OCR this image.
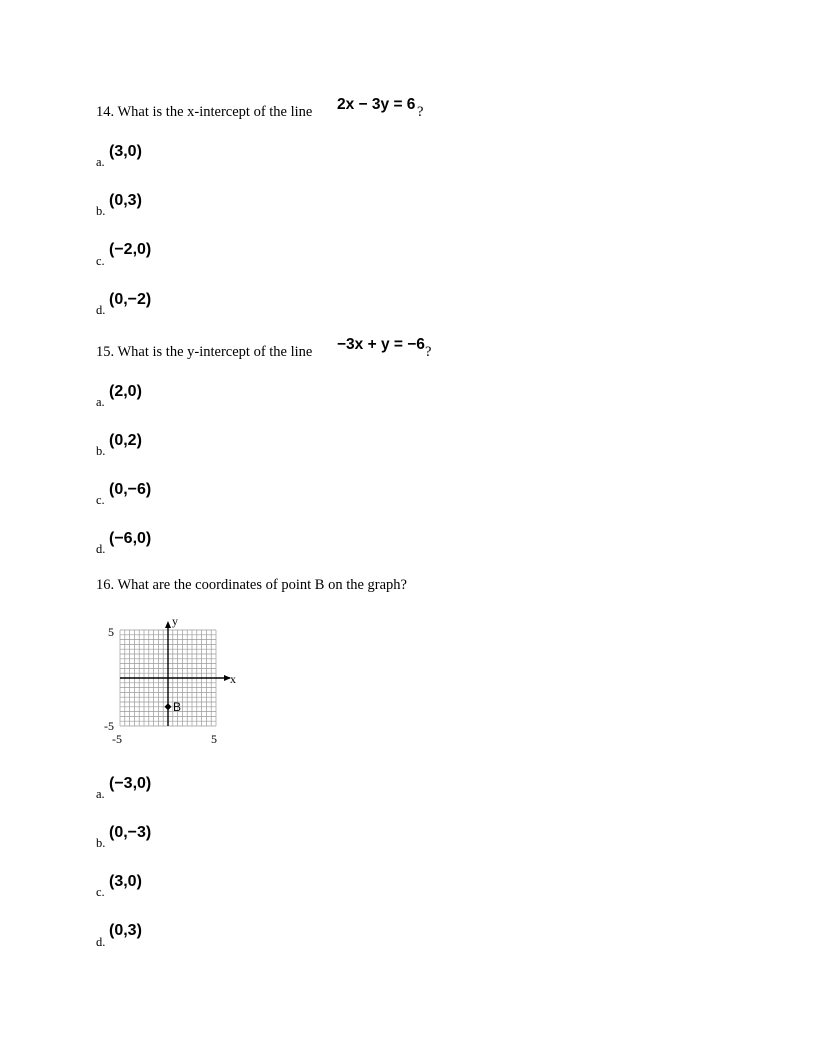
14. What is the x-intercept of the line 2x − 3y = 6 ?
a.
(3,0)
b.
(0,3)
c.
(−2,0)
d.
(0,−2)
15. What is the y-intercept of the line −3x + y = −6 ?
a.
(2,0)
b.
(0,2)
c.
(0,−6)
d.
(−6,0)
16. What are the coordinates of point B on the graph?
5
-5
-5	5
y
x
B
a.
(−3,0)
b.
(0,−3)
c.
(3,0)
d.
(0,3)
